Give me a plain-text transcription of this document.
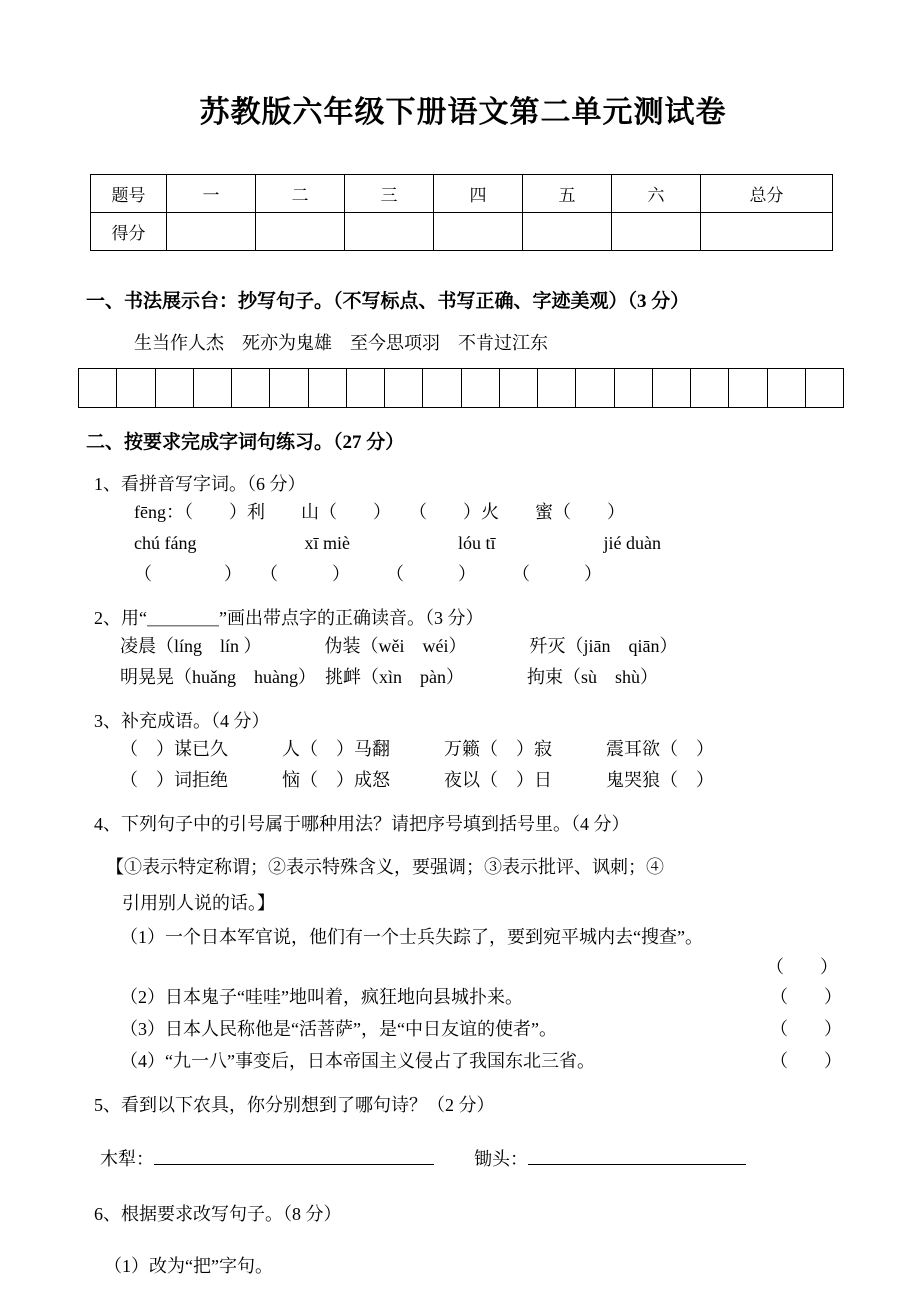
苏教版六年级下册语文第二单元测试卷
题号	一	二	三	四	五	六	总分
得分							
一、书法展示台：抄写句子。（不写标点、书写正确、字迹美观）（3 分）
生当作人杰　死亦为鬼雄　至今思项羽　不肯过江东
二、按要求完成字词句练习。（27 分）
1、看拼音写字词。（6 分）
fēng：（　　）利　　山（　　）　　（　　）火　　蜜（　　）
chú fáng　　　　　　xī miè　　　　　　lóu tī　　　　　　jié duàn
（　　　　）　　（　　　）　　　（　　　）　　　（　　　）
2、用“＿＿＿＿”画出带点字的正确读音。（3 分）
凌晨（líng　lín ）　　　　伪装（wěi　wéi）　　　　歼灭（jiān　qiān）
明晃晃（huǎng　huàng）　挑衅（xìn　pàn）　　　　拘束（sù　shù）
3、补充成语。（4 分）
（　）谋已久　　　人（　）马翻　　　万籁（　）寂　　　震耳欲（　）
（　）词拒绝　　　恼（　）成怒　　　夜以（　）日　　　鬼哭狼（　）
4、下列句子中的引号属于哪种用法？请把序号填到括号里。（4 分）
【①表示特定称谓；②表示特殊含义，要强调；③表示批评、讽刺；④
引用别人说的话。】
（1）一个日本军官说，他们有一个士兵失踪了，要到宛平城内去“搜查”。
（　　）
（2）日本鬼子“哇哇”地叫着，疯狂地向县城扑来。	（　　）
（3）日本人民称他是“活菩萨”，是“中日友谊的使者”。	（　　）
（4）“九一八”事变后，日本帝国主义侵占了我国东北三省。	（　　）
5、看到以下农具，你分别想到了哪句诗？（2 分）
木犁：	锄头：
6、根据要求改写句子。（8 分）
（1）改为“把”字句。
